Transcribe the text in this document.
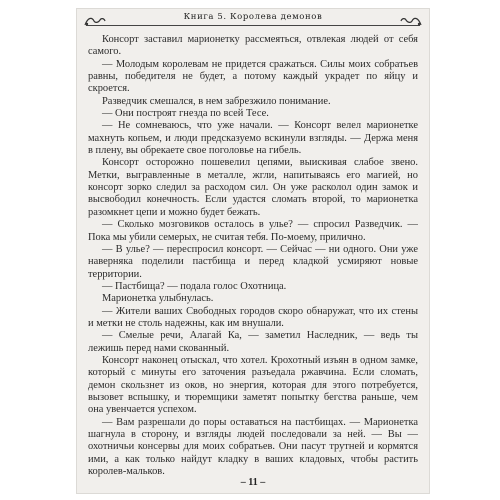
Книга 5. Королева демонов

Консорт заставил марионетку рассмеяться, отвлекая людей от себя самого.

— Молодым королевам не придется сражаться. Силы моих собратьев равны, победителя не будет, а потому каждый украдет по яйцу и скроется.

Разведчик смешался, в нем забрезжило понимание.

— Они построят гнезда по всей Тесе.

— Не сомневаюсь, что уже начали. — Консорт велел марионетке махнуть копьем, и люди предсказуемо вскинули взгляды. — Держа меня в плену, вы обрекаете свое поголовье на гибель.

Консорт осторожно пошевелил цепями, выискивая слабое звено. Метки, выгравленные в металле, жгли, напитываясь его магией, но консорт зорко следил за расходом сил. Он уже расколол один замок и высвободил конечность. Если удастся сломать второй, то марионетка разомкнет цепи и можно будет бежать.

— Сколько мозговиков осталось в улье? — спросил Разведчик. — Пока мы убили семерых, не считая тебя. По-моему, прилично.

— В улье? — переспросил консорт. — Сейчас — ни одного. Они уже наверняка поделили пастбища и перед кладкой усмиряют новые территории.

— Пастбища? — подала голос Охотница.

Марионетка улыбнулась.

— Жители ваших Свободных городов скоро обнаружат, что их стены и метки не столь надежны, как им внушали.

— Смелые речи, Алагай Ка, — заметил Наследник, — ведь ты лежишь перед нами скованный.

Консорт наконец отыскал, что хотел. Крохотный изъян в одном замке, который с минуты его заточения разъедала ржавчина. Если сломать, демон скользнет из оков, но энергия, которая для этого потребуется, вызовет вспышку, и тюремщики заметят попытку бегства раньше, чем она увенчается успехом.

— Вам разрешали до поры оставаться на пастбищах. — Марионетка шагнула в сторону, и взгляды людей последовали за ней. — Вы — охотничьи консервы для моих собратьев. Они пасут трутней и кормятся ими, а как только найдут кладку в ваших кладовых, чтобы растить королев-мальков.

– 11 –
